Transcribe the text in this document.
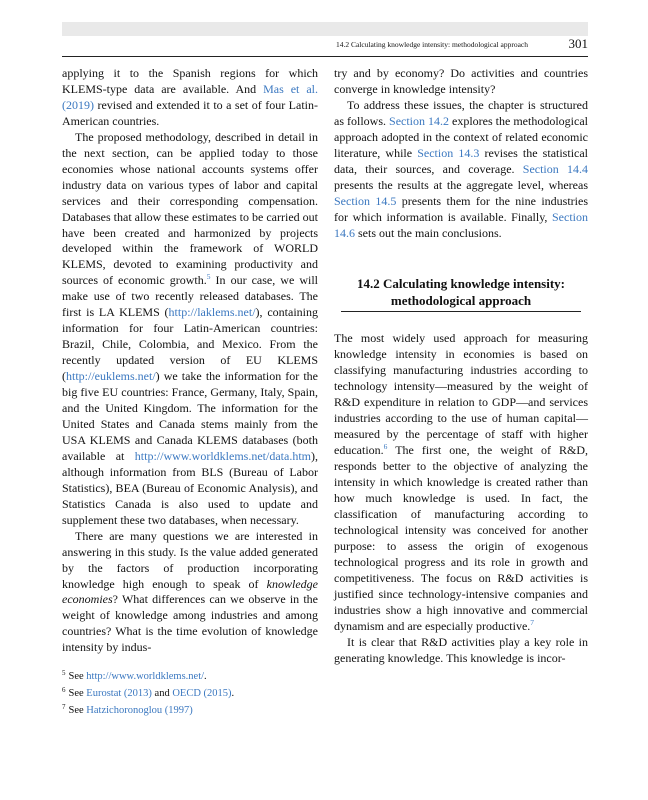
14.2 Calculating knowledge intensity: methodological approach	301

applying it to the Spanish regions for which KLEMS-type data are available. And Mas et al. (2019) revised and extended it to a set of four Latin-American countries.

The proposed methodology, described in detail in the next section, can be applied today to those economies whose national accounts systems offer industry data on various types of labor and capital services and their corresponding compensation. Databases that allow these estimates to be carried out have been created and harmonized by projects developed within the framework of WORLD KLEMS, devoted to examining productivity and sources of economic growth.$^5$ In our case, we will make use of two recently released databases. The first is LA KLEMS (http://laklems.net/), containing information for four Latin-American countries: Brazil, Chile, Colombia, and Mexico. From the recently updated version of EU KLEMS (http://euklems.net/) we take the information for the big five EU countries: France, Germany, Italy, Spain, and the United Kingdom. The information for the United States and Canada stems mainly from the USA KLEMS and Canada KLEMS databases (both available at http://www.worldklems.net/data.htm), although information from BLS (Bureau of Labor Statistics), BEA (Bureau of Economic Analysis), and Statistics Canada is also used to update and supplement these two databases, when necessary.

There are many questions we are interested in answering in this study. Is the value added generated by the factors of production incorporating knowledge high enough to speak of knowledge economies? What differences can we observe in the weight of knowledge among industries and among countries? What is the time evolution of knowledge intensity by indus-

try and by economy? Do activities and countries converge in knowledge intensity?

To address these issues, the chapter is structured as follows. Section 14.2 explores the methodological approach adopted in the context of related economic literature, while Section 14.3 revises the statistical data, their sources, and coverage. Section 14.4 presents the results at the aggregate level, whereas Section 14.5 presents them for the nine industries for which information is available. Finally, Section 14.6 sets out the main conclusions.

14.2 Calculating knowledge intensity:
methodological approach

The most widely used approach for measuring knowledge intensity in economies is based on classifying manufacturing industries according to technology intensity—measured by the weight of R&D expenditure in relation to GDP—and services industries according to the use of human capital—measured by the percentage of staff with higher education.$^6$ The first one, the weight of R&D, responds better to the objective of analyzing the intensity in which knowledge is created rather than how much knowledge is used. In fact, the classification of manufacturing according to technological intensity was conceived for another purpose: to assess the origin of exogenous technological progress and its role in growth and competitiveness. The focus on R&D activities is justified since technology-intensive companies and industries show a high innovative and commercial dynamism and are especially productive.$^7$

It is clear that R&D activities play a key role in generating knowledge. This knowledge is incor-

$^5$ See http://www.worldklems.net/.
$^6$ See Eurostat (2013) and OECD (2015).
$^7$ See Hatzichoronoglou (1997)
